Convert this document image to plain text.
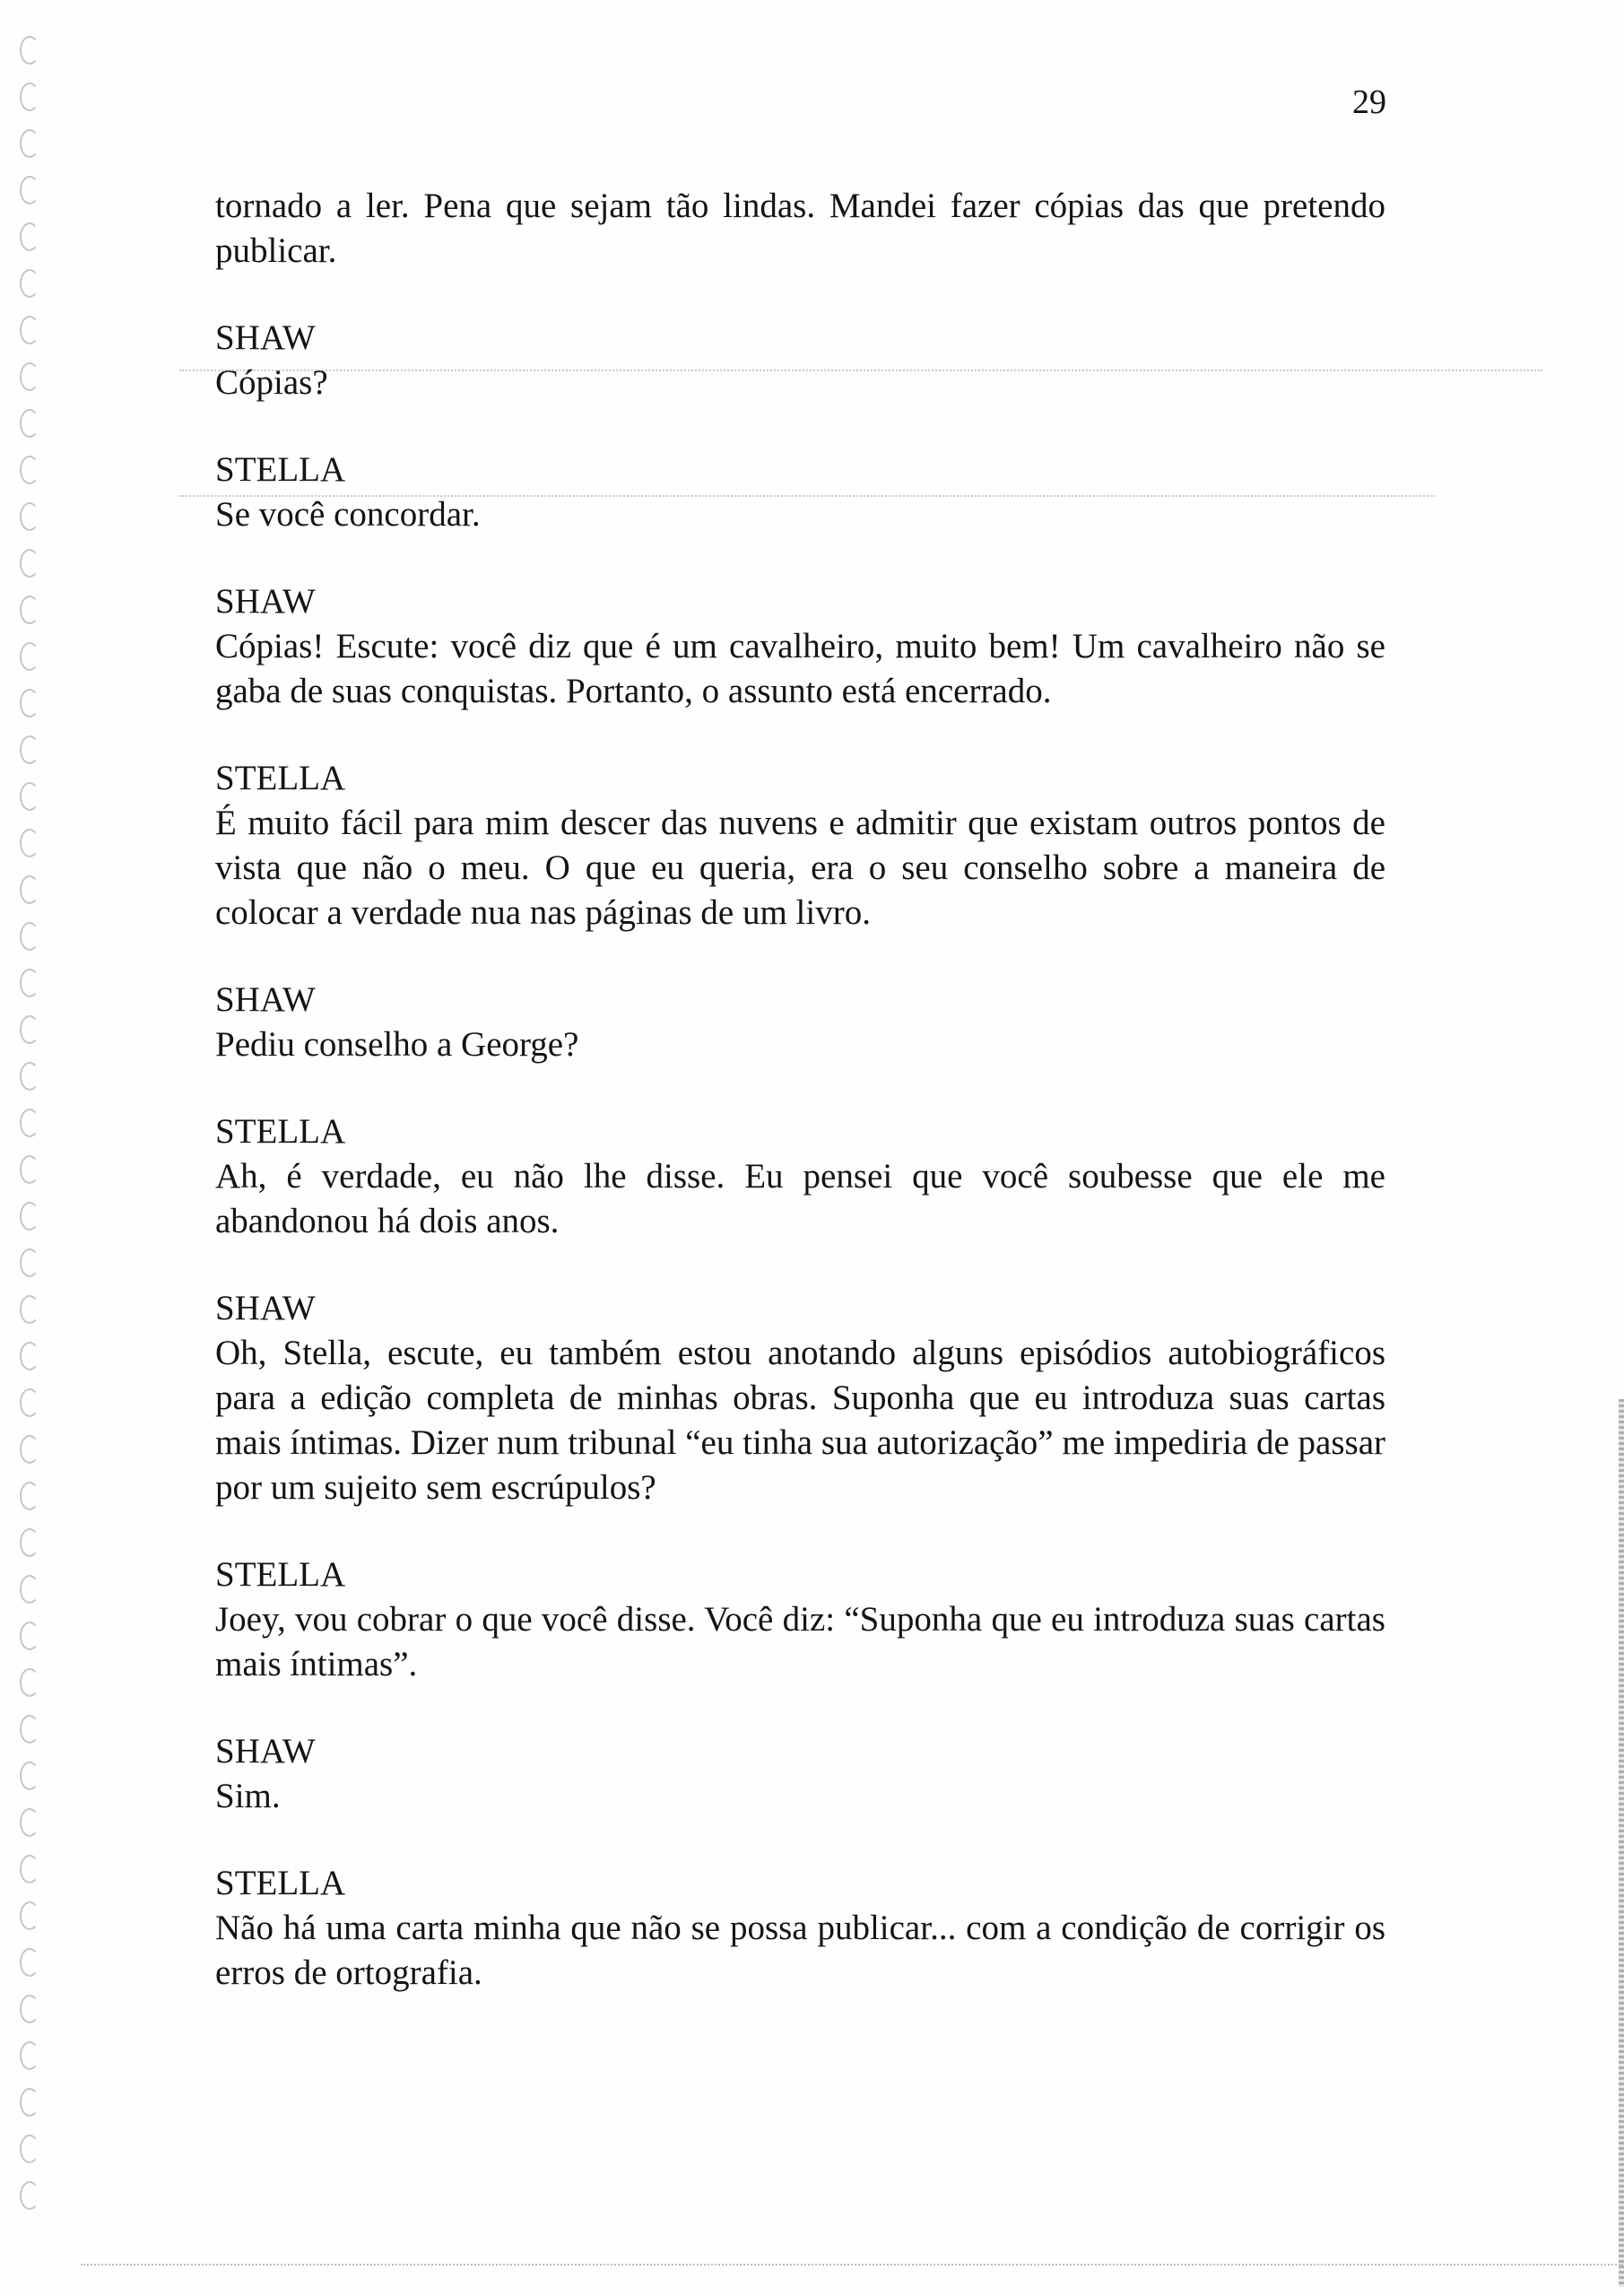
29

tornado a ler. Pena que sejam tão lindas. Mandei fazer cópias das que pretendo publicar.

SHAW

Cópias?

STELLA

Se você concordar.

SHAW

Cópias! Escute: você diz que é um cavalheiro, muito bem! Um cavalheiro não se gaba de suas conquistas. Portanto, o assunto está encerrado.

STELLA

É muito fácil para mim descer das nuvens e admitir que existam outros pontos de vista que não o meu. O que eu queria, era o seu conselho sobre a maneira de colocar a verdade nua nas páginas de um livro.

SHAW

Pediu conselho a George?

STELLA

Ah, é verdade, eu não lhe disse. Eu pensei que você soubesse que ele me abandonou há dois anos.

SHAW

Oh, Stella, escute, eu também estou anotando alguns episódios autobiográficos para a edição completa de minhas obras. Suponha que eu introduza suas cartas mais íntimas. Dizer num tribunal “eu tinha sua autorização” me impediria de passar por um sujeito sem escrúpulos?

STELLA

Joey, vou cobrar o que você disse. Você diz: “Suponha que eu introduza suas cartas mais íntimas”.

SHAW

Sim.

STELLA

Não há uma carta minha que não se possa publicar... com a condição de corrigir os erros de ortografia.
